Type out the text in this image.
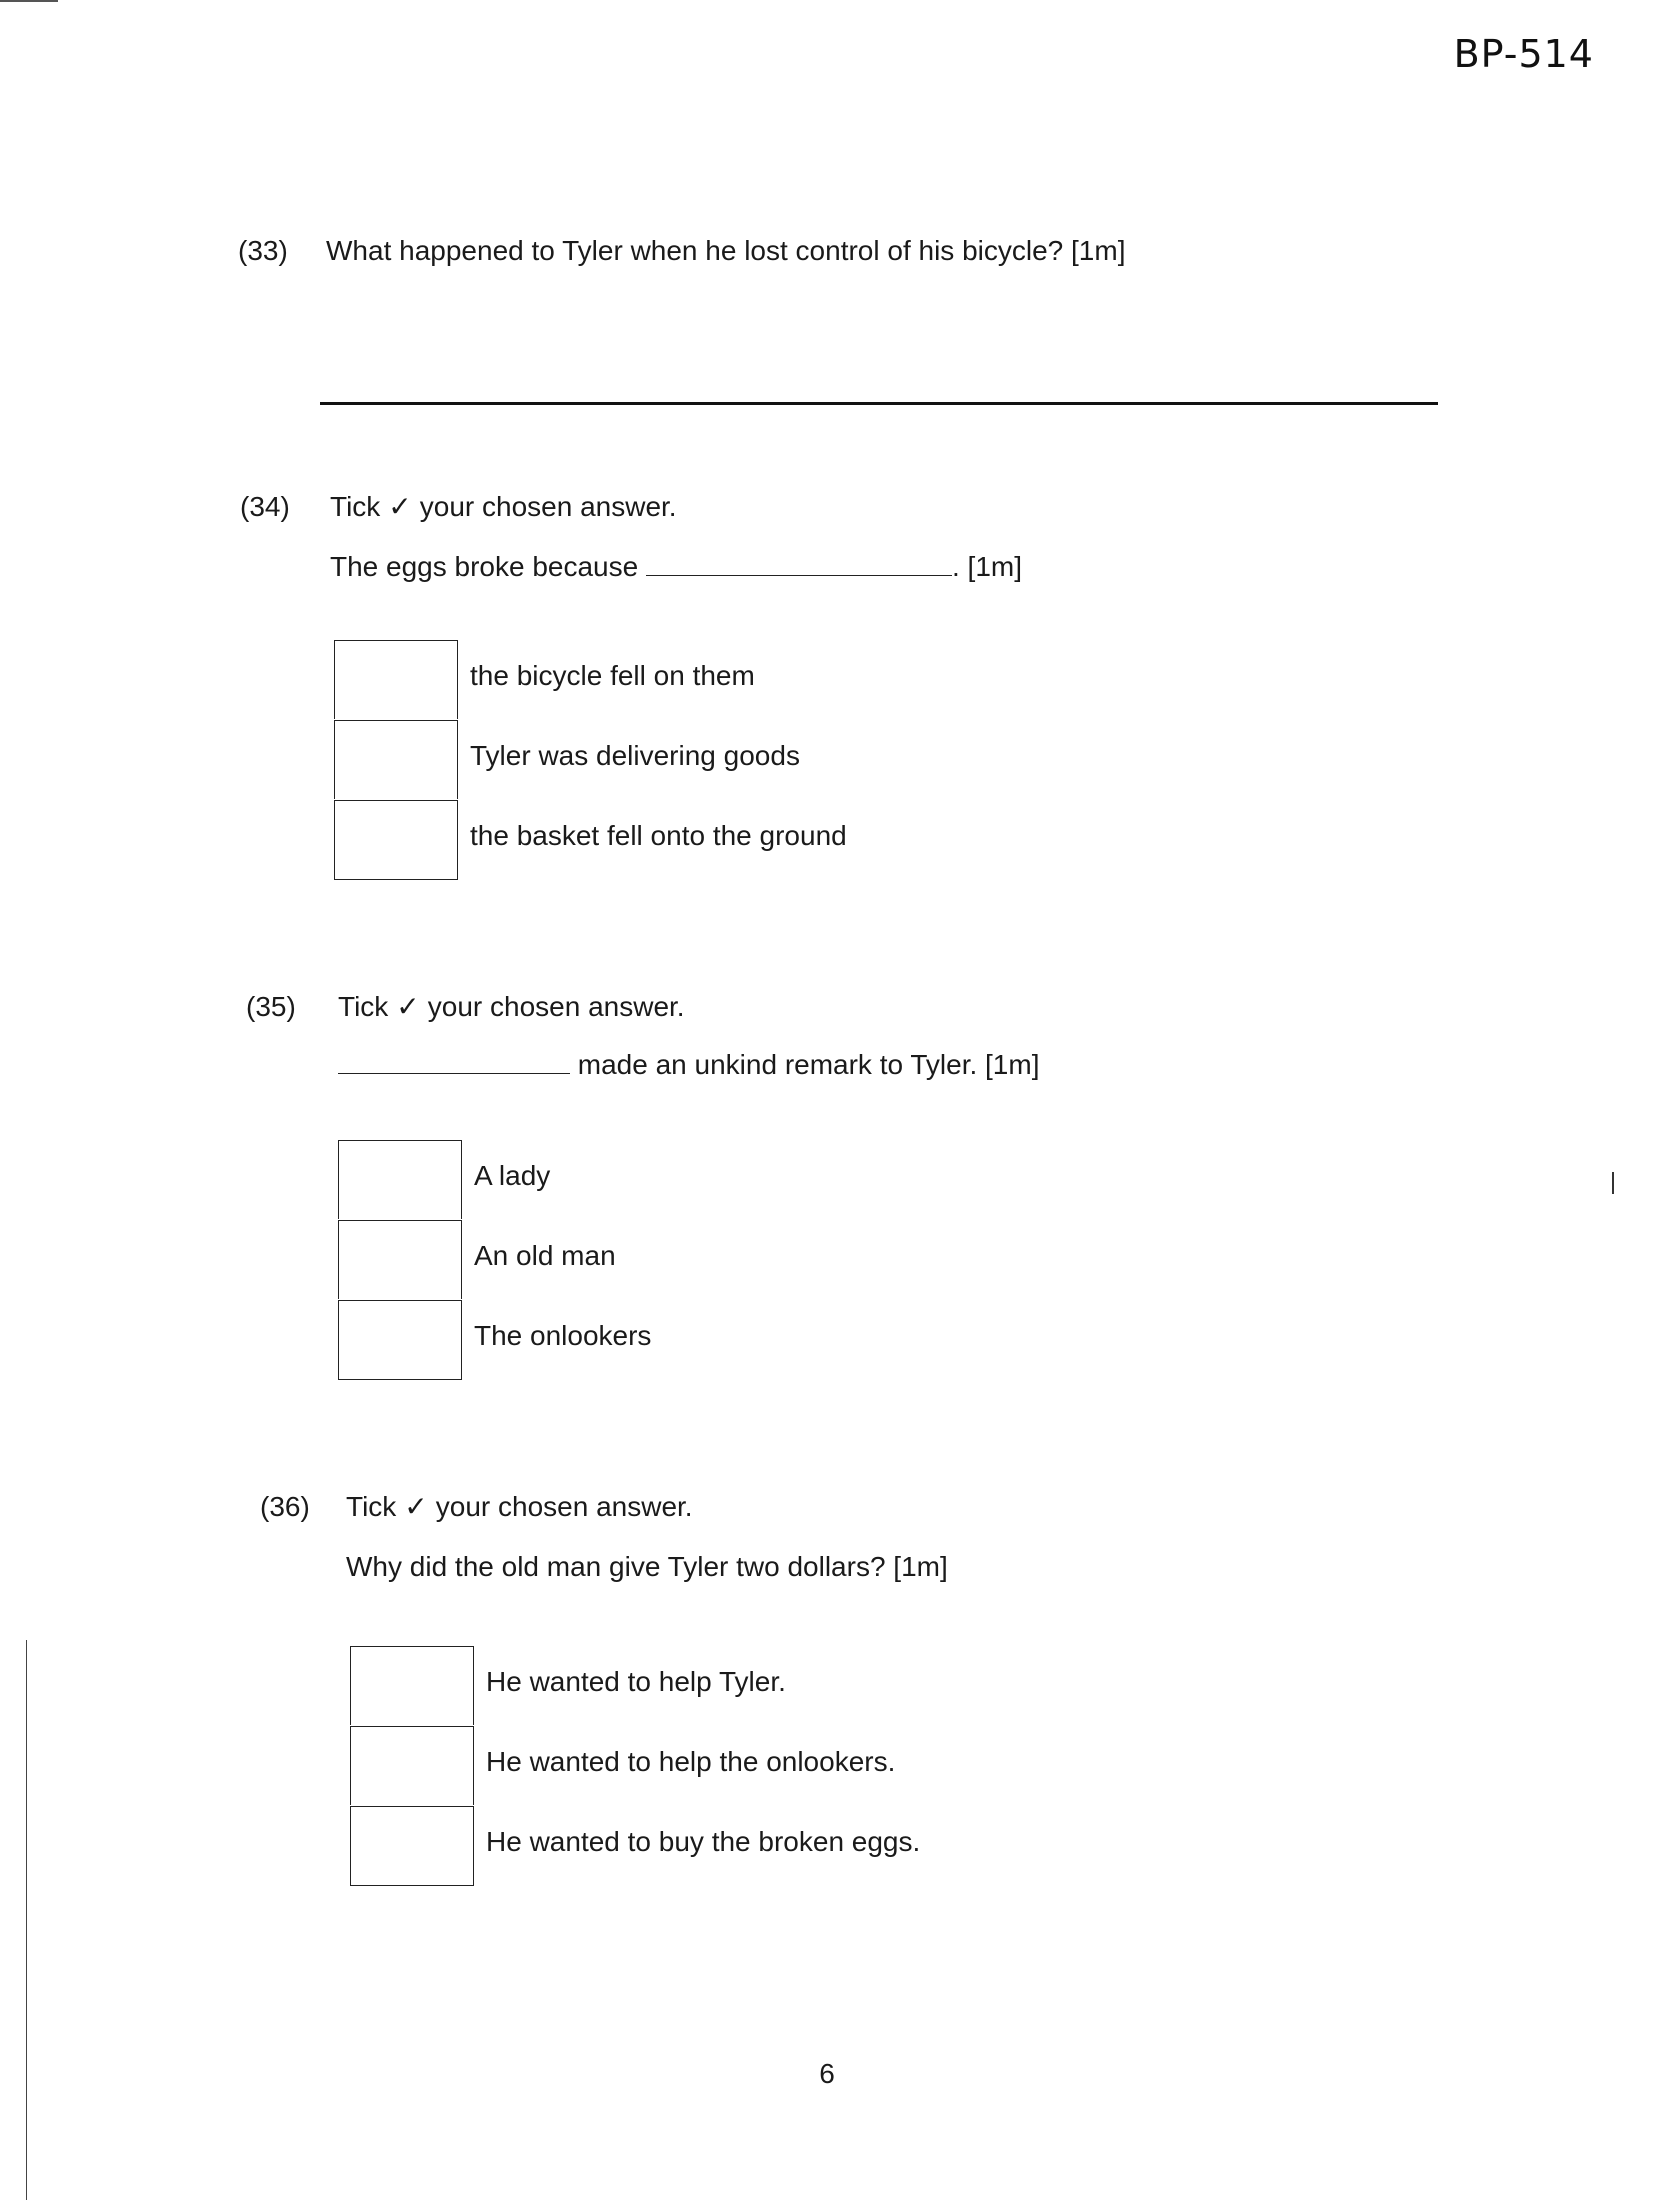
BP-514
(33) What happened to Tyler when he lost control of his bicycle? [1m]
(34) Tick ✓ your chosen answer.
The eggs broke because	. [1m]
the bicycle fell on them
Tyler was delivering goods
the basket fell onto the ground
(35) Tick ✓ your chosen answer.
made an unkind remark to Tyler. [1m]
A lady
An old man
The onlookers
(36) Tick ✓ your chosen answer.
Why did the old man give Tyler two dollars? [1m]
He wanted to help Tyler.
He wanted to help the onlookers.
He wanted to buy the broken eggs.
6
